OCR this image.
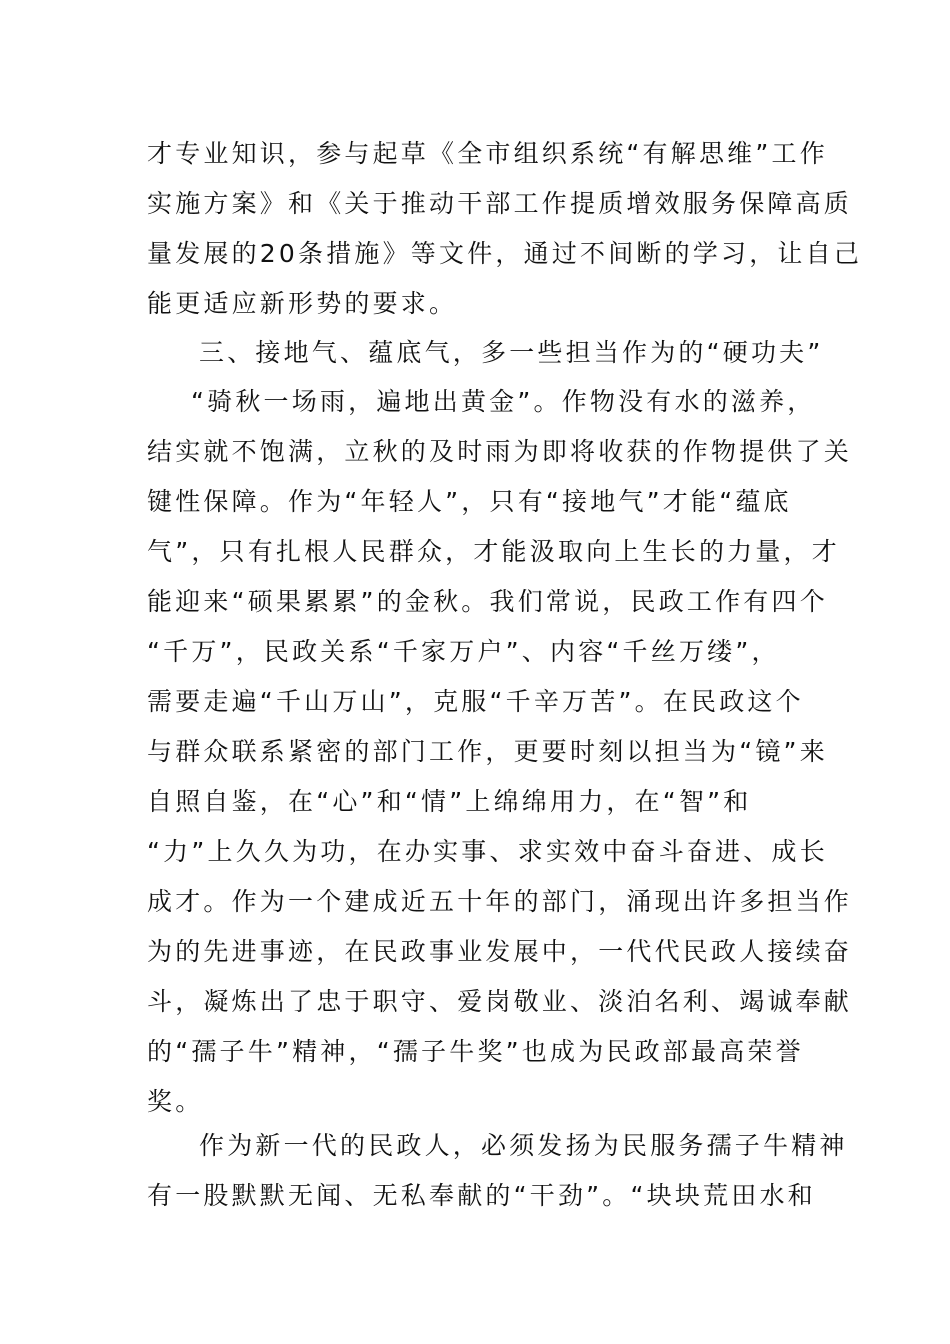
才专业知识，参与起草《全市组织系统“有解思维”工作
实施方案》和《关于推动干部工作提质增效服务保障高质
量发展的20条措施》等文件，通过不间断的学习，让自己
能更适应新形势的要求。
三、接地气、蕴底气，多一些担当作为的“硬功夫”
“骑秋一场雨，遍地出黄金”。作物没有水的滋养，
结实就不饱满，立秋的及时雨为即将收获的作物提供了关
键性保障。作为“年轻人”，只有“接地气”才能“蕴底
气”，只有扎根人民群众，才能汲取向上生长的力量，才
能迎来“硕果累累”的金秋。我们常说，民政工作有四个
“千万”，民政关系“千家万户”、内容“千丝万缕”，
需要走遍“千山万山”，克服“千辛万苦”。在民政这个
与群众联系紧密的部门工作，更要时刻以担当为“镜”来
自照自鉴，在“心”和“情”上绵绵用力，在“智”和
“力”上久久为功，在办实事、求实效中奋斗奋进、成长
成才。作为一个建成近五十年的部门，涌现出许多担当作
为的先进事迹，在民政事业发展中，一代代民政人接续奋
斗，凝炼出了忠于职守、爱岗敬业、淡泊名利、竭诚奉献
的“孺子牛”精神，“孺子牛奖”也成为民政部最高荣誉
奖。
作为新一代的民政人，必须发扬为民服务孺子牛精神
有一股默默无闻、无私奉献的“干劲”。“块块荒田水和
